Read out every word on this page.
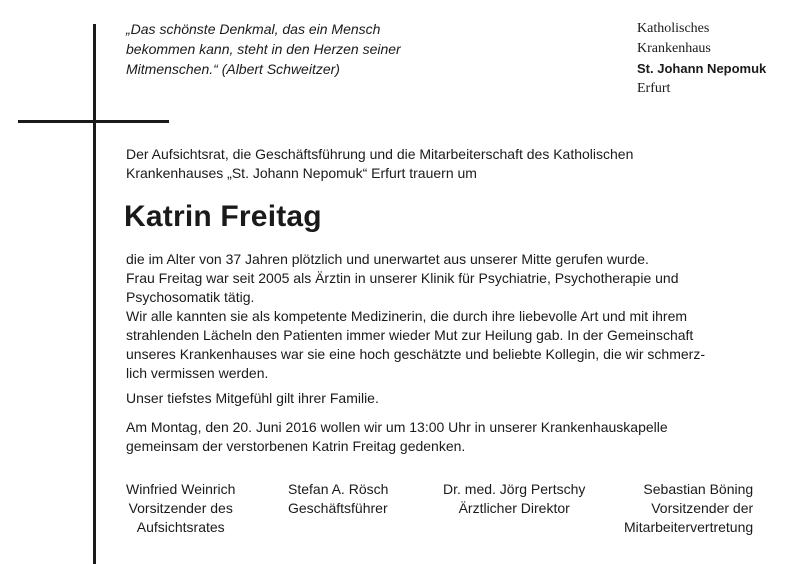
„Das schönste Denkmal, das ein Mensch
bekommen kann, steht in den Herzen seiner
Mitmenschen.“ (Albert Schweitzer)
Katholisches
Krankenhaus
St. Johann Nepomuk
Erfurt
Der Aufsichtsrat, die Geschäftsführung und die Mitarbeiterschaft des Katholischen
Krankenhauses „St. Johann Nepomuk“ Erfurt trauern um
Katrin Freitag
die im Alter von 37 Jahren plötzlich und unerwartet aus unserer Mitte gerufen wurde.
Frau Freitag war seit 2005 als Ärztin in unserer Klinik für Psychiatrie, Psychotherapie und
Psychosomatik tätig.
Wir alle kannten sie als kompetente Medizinerin, die durch ihre liebevolle Art und mit ihrem
strahlenden Lächeln den Patienten immer wieder Mut zur Heilung gab. In der Gemeinschaft
unseres Krankenhauses war sie eine hoch geschätzte und beliebte Kollegin, die wir schmerz-
lich vermissen werden.
Unser tiefstes Mitgefühl gilt ihrer Familie.
Am Montag, den 20. Juni 2016 wollen wir um 13:00 Uhr in unserer Krankenhauskapelle
gemeinsam der verstorbenen Katrin Freitag gedenken.
Winfried Weinrich
Vorsitzender des
Aufsichtsrates
Stefan A. Rösch
Geschäftsführer
Dr. med. Jörg Pertschy
Ärztlicher Direktor
Sebastian Böning
Vorsitzender der
Mitarbeitervertretung
